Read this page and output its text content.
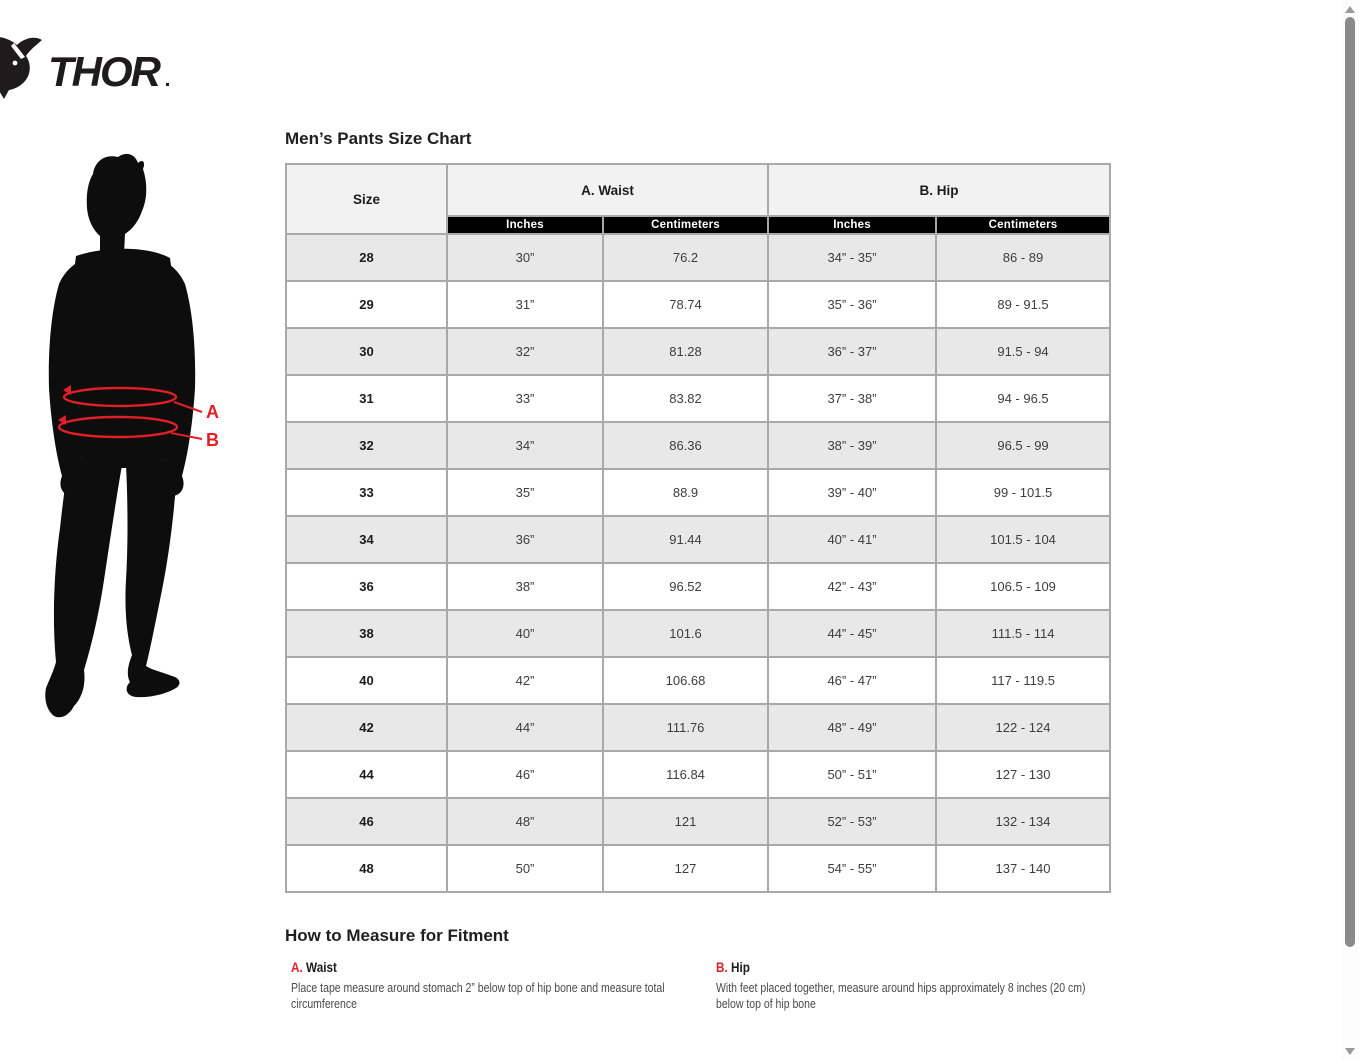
THOR
A
B
Men’s Pants Size Chart
Size	A. Waist		B. Hip	
	Inches	Centimeters	Inches	Centimeters
28	30”	76.2	34” - 35”	86 - 89
29	31”	78.74	35” - 36”	89 - 91.5
30	32”	81.28	36” - 37”	91.5 - 94
31	33”	83.82	37” - 38”	94 - 96.5
32	34”	86.36	38” - 39”	96.5 - 99
33	35”	88.9	39” - 40”	99 - 101.5
34	36”	91.44	40” - 41”	101.5 - 104
36	38”	96.52	42” - 43”	106.5 - 109
38	40”	101.6	44” - 45”	111.5 - 114
40	42”	106.68	46” - 47”	117 - 119.5
42	44”	111.76	48” - 49”	122 - 124
44	46”	116.84	50” - 51”	127 - 130
46	48”	121	52” - 53”	132 - 134
48	50”	127	54” - 55”	137 - 140
How to Measure for Fitment
A. Waist
Place tape measure around stomach 2” below top of hip bone and measure total circumference
B. Hip
With feet placed together, measure around hips approximately 8 inches (20 cm) below top of hip bone
